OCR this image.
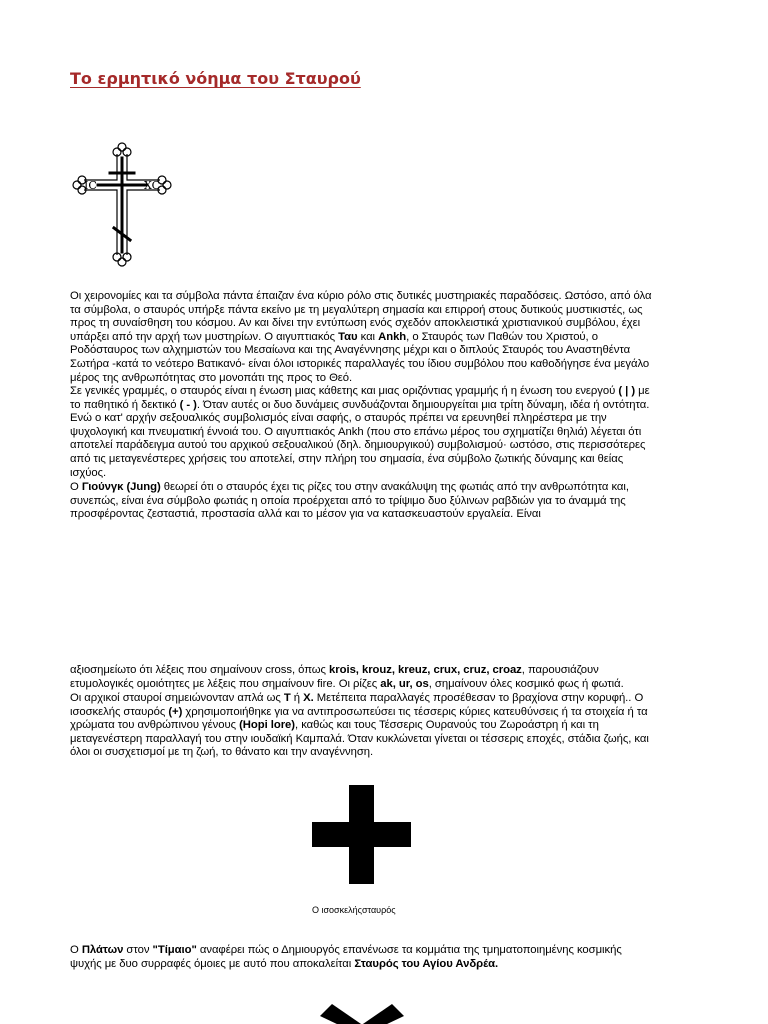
Το ερμητικό νόημα του Σταυρού
IC	XC

Οι χειρονομίες και τα σύμβολα πάντα έπαιζαν ένα κύριο ρόλο στις δυτικές μυστηριακές παραδόσεις. Ωστόσο, από όλα τα σύμβολα, ο σταυρός υπήρξε πάντα εκείνο με τη μεγαλύτερη σημασία και επιρροή στους δυτικούς μυστικιστές, ως προς τη συναίσθηση του κόσμου. Αν και δίνει την εντύπωση ενός σχεδόν αποκλειστικά χριστιανικού συμβόλου, έχει υπάρξει από την αρχή των μυστηρίων. Ο αιγυπτιακός Ταυ και Ankh, ο Σταυρός των Παθών του Χριστού, ο Ροδόσταυρος των αλχημιστών του Μεσαίωνα και της Αναγέννησης μέχρι και ο διπλούς Σταυρός του Αναστηθέντα Σωτήρα -κατά το νεότερο Βατικανό- είναι όλοι ιστορικές παραλλαγές του ίδιου συμβόλου που καθοδήγησε ένα μεγάλο μέρος της ανθρωπότητας στο μονοπάτι της προς το Θεό.

Σε γενικές γραμμές, ο σταυρός είναι η ένωση μιας κάθετης και μιας οριζόντιας γραμμής ή η ένωση του ενεργού ( | ) με το παθητικό ή δεκτικό ( - ). Όταν αυτές οι δυο δυνάμεις συνδυάζονται δημιουργείται μια τρίτη δύναμη, ιδέα ή οντότητα. Ενώ ο κατ' αρχήν σεξουαλικός συμβολισμός είναι σαφής, ο σταυρός πρέπει να ερευνηθεί πληρέστερα με την ψυχολογική και πνευματική έννοιά του. Ο αιγυπτιακός Ankh (που στο επάνω μέρος του σχηματίζει θηλιά) λέγεται ότι αποτελεί παράδειγμα αυτού του αρχικού σεξουαλικού (δηλ. δημιουργικού) συμβολισμού· ωστόσο, στις περισσότερες από τις μεταγενέστερες χρήσεις του αποτελεί, στην πλήρη του σημασία, ένα σύμβολο ζωτικής δύναμης και θείας ισχύος.

Ο Γιούνγκ (Jung) θεωρεί ότι ο σταυρός έχει τις ρίζες του στην ανακάλυψη της φωτιάς από την ανθρωπότητα και, συνεπώς, είναι ένα σύμβολο φωτιάς η οποία προέρχεται από το τρίψιμο δυο ξύλινων ραβδιών για το άναμμά της προσφέροντας ζεσταστιά, προστασία αλλά και το μέσον για να κατασκευαστούν εργαλεία. Είναι

αξιοσημείωτο ότι λέξεις που σημαίνουν cross, όπως krois, krouz, kreuz, crux, cruz, croaz, παρουσιάζουν ετυμολογικές ομοιότητες με λέξεις που σημαίνουν fire. Οι ρίζες ak, ur, os, σημαίνουν όλες κοσμικό φως ή φωτιά.

Οι αρχικοί σταυροί σημειώνονταν απλά ως Τ ή Χ. Μετέπειτα παραλλαγές προσέθεσαν το βραχίονα στην κορυφή.. Ο ισοσκελής σταυρός (+) χρησιμοποιήθηκε για να αντιπροσωπεύσει τις τέσσερις κύριες κατευθύνσεις ή τα στοιχεία ή τα χρώματα του ανθρώπινου γένους (Hopi lore), καθώς και τους Τέσσερις Ουρανούς του Ζωροάστρη ή και τη μεταγενέστερη παραλλαγή του στην ιουδαϊκή Καμπαλά. Όταν κυκλώνεται γίνεται οι τέσσερις εποχές, στάδια ζωής, και όλοι οι συσχετισμοί με τη ζωή, το θάνατο και την αναγέννηση.

Ο ισοσκελήςσταυρός

Ο Πλάτων στον "Τίμαιο" αναφέρει πώς ο Δημιουργός επανένωσε τα κομμάτια της τμηματοποιημένης κοσμικής ψυχής με δυο συρραφές όμοιες με αυτό που αποκαλείται Σταυρός του Αγίου Ανδρέα.
